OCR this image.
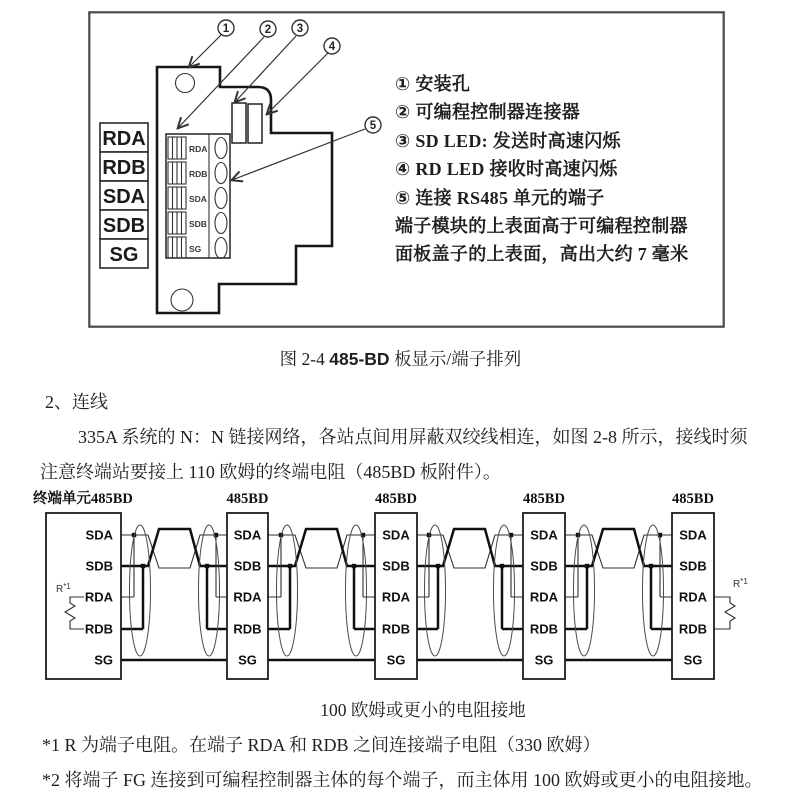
RDA
RDB
SDA
SDB
SG
RDA
RDB
SDA
SDB
SG
1	2 3
4
5
① 安装孔
② 可编程控制器连接器
③ SD LED: 发送时高速闪烁
④ RD LED 接收时高速闪烁
⑤ 连接 RS485 单元的端子
端子模块的上表面高于可编程控制器
面板盖子的上表面，高出大约 7 毫米
图 2-4 485-BD 板显示/端子排列
2、连线
335A 系统的 N：N 链接网络，各站点间用屏蔽双绞线相连，如图 2-8 所示，接线时须
注意终端站要接上 110 欧姆的终端电阻（485BD 板附件）。
终端单元485BD
SDA
SDB
RDA
RDB
SG
$R^{*1}$
485BD
SDA
SDB
RDA
RDB
SG
485BD
SDA
SDB
RDA
RDB
SG
485BD
SDA
SDB
RDA
RDB
SG
485BD
SDA
SDB
RDA
RDB
SG
$R^{*1}$
100 欧姆或更小的电阻接地
*1 R 为端子电阻。在端子 RDA 和 RDB 之间连接端子电阻（330 欧姆）
*2 将端子 FG 连接到可编程控制器主体的每个端子，而主体用 100 欧姆或更小的电阻接地。
